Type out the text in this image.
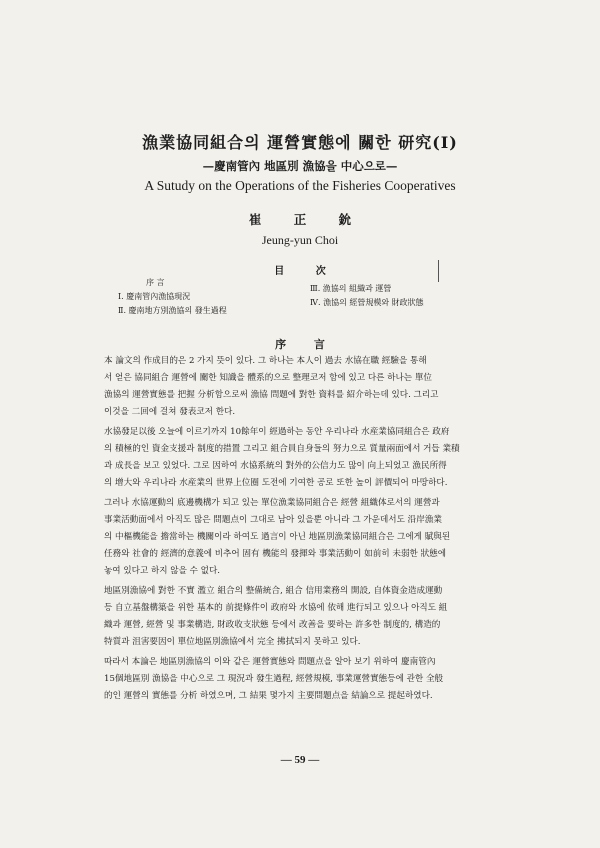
漁業協同組合의 運營實態에 關한 研究(Ⅰ)
—慶南管內 地區別 漁協을 中心으로—
A Sutudy on the Operations of the Fisheries Cooperatives
崔 正 鈗
Jeung-yun Choi
目 次
序 言
Ⅰ. 慶南管內漁協現況
Ⅱ. 慶南地方別漁協의 發生過程
Ⅲ. 漁協의 組織과 運營
Ⅳ. 漁協의 經營規模와 財政狀態
序 言

本 論文의 作成目的은 2 가지 뜻이 있다. 그 하나는 本人이 過去 水協在職 經驗을 통해
서 얻은 協同組合 運營에 關한 知識을 體系的으로 整理코저 함에 있고 다른 하나는 單位
漁協의 運營實態를 把握 分析함으로써 漁協 問題에 對한 資料를 紹介하는데 있다. 그리고
이것을 二回에 걸쳐 發表코저 한다.

水協發足以後 오늘에 이르기까지 10餘年이 經過하는 동안 우리나라 水産業協同組合은 政府
의 積極的인 資金支援과 制度的措置 그리고 組合員自身들의 努力으로 質量兩面에서 거듭 業積
과 成長을 보고 있었다. 그로 因하여 水協系統의 對外的公信力도 많이 向上되었고 漁民所得
의 增大와 우리나라 水産業의 世界上位圈 도전에 기여한 공로 또한 높이 評價되어 마땅하다.

그러나 水協運動의 底邊機構가 되고 있는 單位漁業協同組合은 經營 組織体로서의 運營과
事業活動面에서 아직도 많은 問題点이 그대로 남아 있을뿐 아니라 그 가운데서도 沿岸漁業
의 中樞機能을 擔當하는 機關이라 하여도 過言이 아닌 地區別漁業協同組合은 그에게 賦與된
任務와 社會的 經濟的意義에 비추어 固有 機能의 發揮와 事業活動이 如前히 未弱한 狀態에
놓여 있다고 하지 않을 수 없다.

地區別漁協에 對한 不實 濫立 組合의 整備統合, 組合 信用業務의 開設, 自体資金造成運動
등 自立基盤構築을 위한 基本的 前提條件이 政府와 水協에 依해 進行되고 있으나 아직도 組
織과 運營, 經營 및 事業構造, 財政收支狀態 등에서 改善을 要하는 許多한 制度的, 構造的
特質과 沮害要因이 單位地區別漁協에서 完全 拂拭되지 못하고 있다.

따라서 本論은 地區別漁協의 이와 같은 運營實態와 問題点을 알아 보기 위하여 慶南管內
15個地區別 漁協을 中心으로 그 現況과 發生過程, 經營規模, 事業運營實態등에 관한 全般
的인 運營의 實態를 分析 하였으며, 그 結果 몇가지 主要問題点을 結論으로 提起하였다.

— 59 —
